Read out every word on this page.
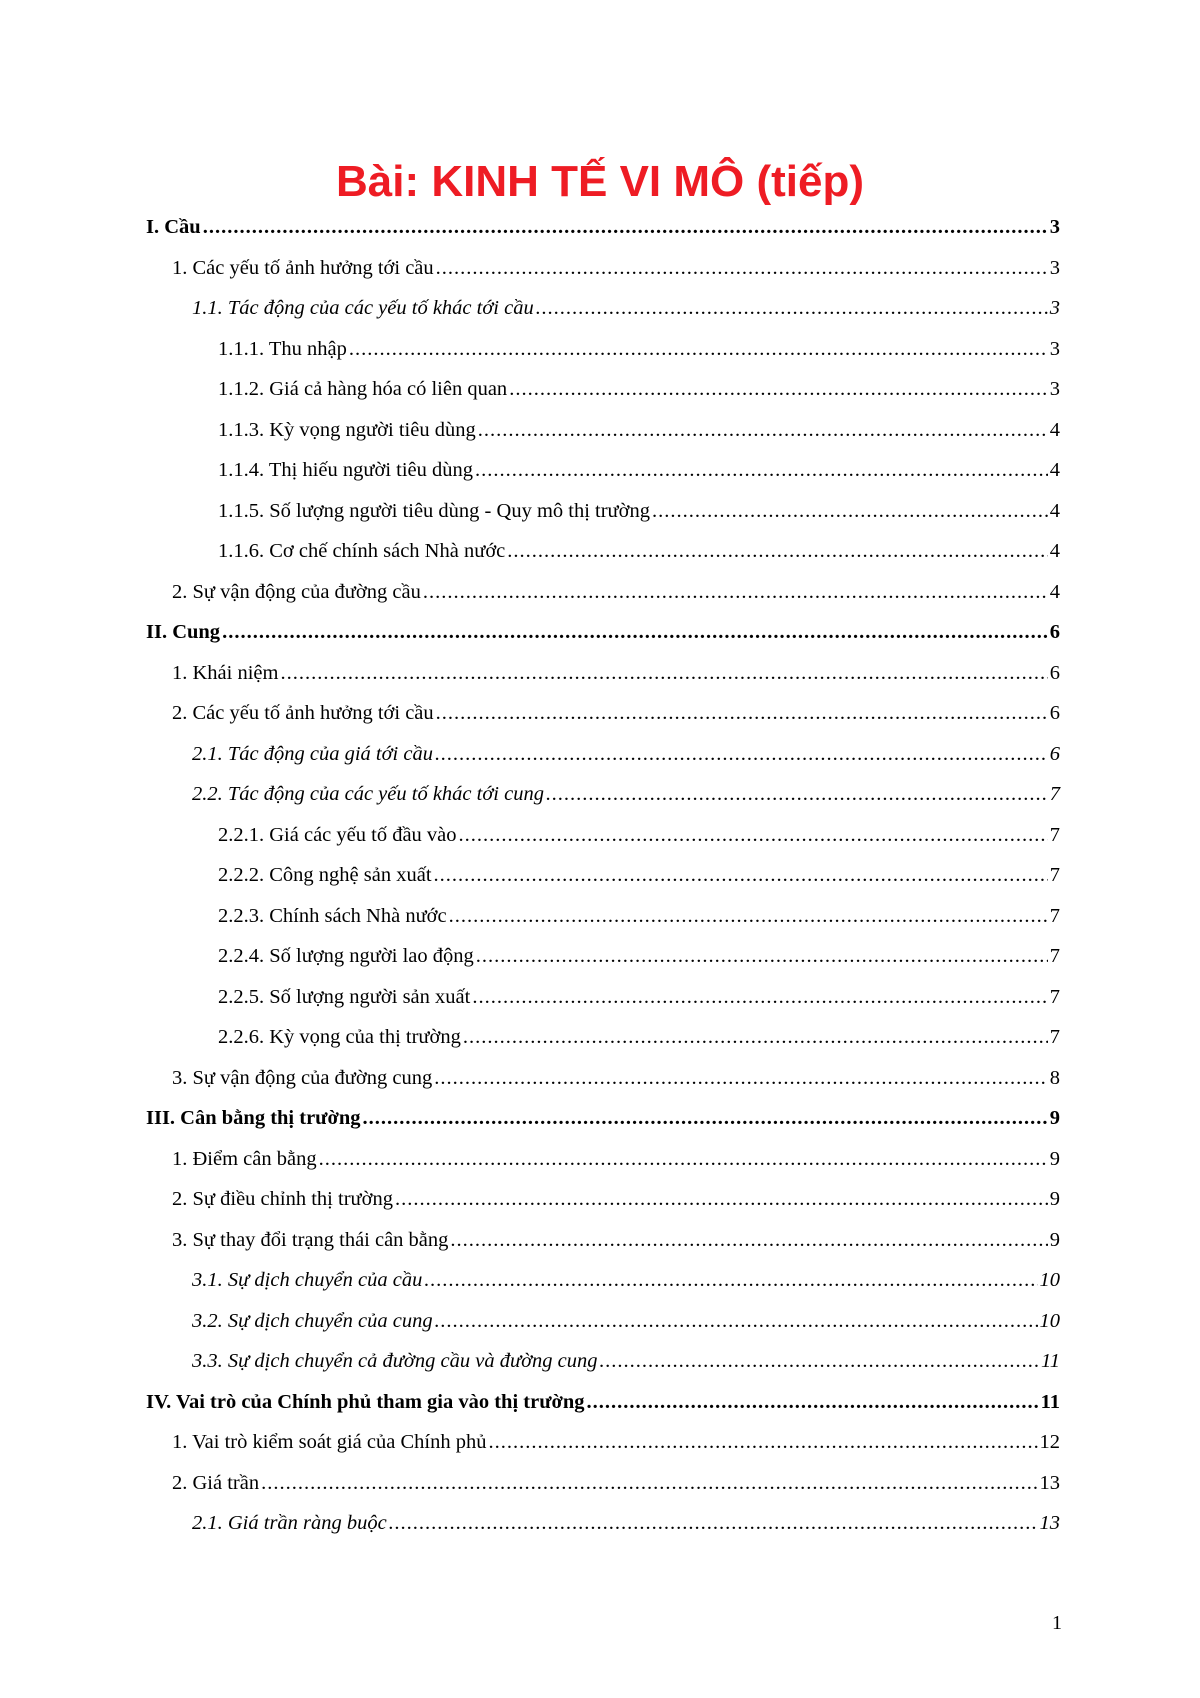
Bài: KINH TẾ VI MÔ (tiếp)
I. Cầu .....	3
1. Các yếu tố ảnh hưởng tới cầu .....	3
1.1. Tác động của các yếu tố khác tới cầu .....	3
1.1.1. Thu nhập .....	3
1.1.2. Giá cả hàng hóa có liên quan .....	3
1.1.3. Kỳ vọng người tiêu dùng .....	4
1.1.4. Thị hiếu người tiêu dùng .....	4
1.1.5. Số lượng người tiêu dùng - Quy mô thị trường .....	4
1.1.6. Cơ chế chính sách Nhà nước .....	4
2. Sự vận động của đường cầu .....	4
II. Cung .....	6
1. Khái niệm .....	6
2. Các yếu tố ảnh hưởng tới cầu .....	6
2.1. Tác động của giá tới cầu .....	6
2.2. Tác động của các yếu tố khác tới cung .....	7
2.2.1. Giá các yếu tố đầu vào .....	7
2.2.2. Công nghệ sản xuất .....	7
2.2.3. Chính sách Nhà nước .....	7
2.2.4. Số lượng người lao động .....	7
2.2.5. Số lượng người sản xuất .....	7
2.2.6. Kỳ vọng của thị trường .....	7
3. Sự vận động của đường cung .....	8
III. Cân bằng thị trường .....	9
1. Điểm cân bằng .....	9
2. Sự điều chỉnh thị trường .....	9
3. Sự thay đổi trạng thái cân bằng .....	9
3.1. Sự dịch chuyển của cầu .....	10
3.2. Sự dịch chuyển của cung .....	10
3.3. Sự dịch chuyển cả đường cầu và đường cung .....	11
IV. Vai trò của Chính phủ tham gia vào thị trường .....	11
1. Vai trò kiểm soát giá của Chính phủ .....	12
2. Giá trần .....	13
2.1. Giá trần ràng buộc .....	13
1
